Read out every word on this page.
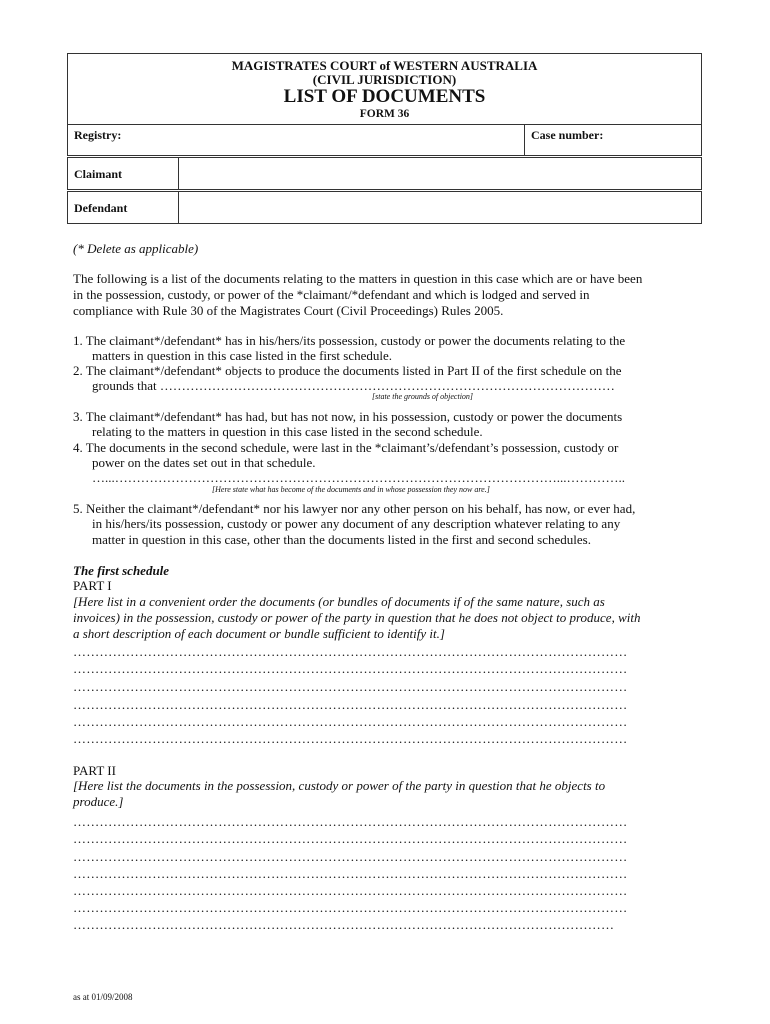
MAGISTRATES COURT of WESTERN AUSTRALIA
(CIVIL JURISDICTION)
LIST OF DOCUMENTS
FORM 36
Registry:	Case number:
Claimant
Defendant
(* Delete as applicable)
The following is a list of the documents relating to the matters in question in this case which are or have been
in the possession, custody, or power of the *claimant/*defendant and which is lodged and served in
compliance with Rule 30 of the Magistrates Court (Civil Proceedings) Rules 2005.
1. The claimant*/defendant* has in his/hers/its possession, custody or power the documents relating to the
matters in question in this case listed in the first schedule.
2. The claimant*/defendant* objects to produce the documents listed in Part II of the first schedule on the
grounds that ……………………………………………………………………………………………
[state the grounds of objection]
3. The claimant*/defendant* has had, but has not now, in his possession, custody or power the documents
relating to the matters in question in this case listed in the second schedule.
4. The documents in the second schedule, were last in the *claimant’s/defendant’s possession, custody or
power on the dates set out in that schedule.
…...…………………………………………………………………………………………...…………..
[Here state what has become of the documents and in whose possession they now are.]
5. Neither the claimant*/defendant* nor his lawyer nor any other person on his behalf, has now, or ever had,
in his/hers/its possession, custody or power any document of any description whatever relating to any
matter in question in this case, other than the documents listed in the first and second schedules.
The first schedule
PART I
[Here list in a convenient order the documents (or bundles of documents if of the same nature, such as
invoices) in the possession, custody or power of the party in question that he does not object to produce, with
a short description of each document or bundle sufficient to identify it.]
………………………………………………………………………………………………………………
………………………………………………………………………………………………………………
………………………………………………………………………………………………………………
………………………………………………………………………………………………………………
………………………………………………………………………………………………………………
………………………………………………………………………………………………………………
PART II
[Here list the documents in the possession, custody or power of the party in question that he objects to
produce.]
………………………………………………………………………………………………………………
………………………………………………………………………………………………………………
………………………………………………………………………………………………………………
………………………………………………………………………………………………………………
………………………………………………………………………………………………………………
………………………………………………………………………………………………………………
……………………………………………………………………………………………………………
as at 01/09/2008
